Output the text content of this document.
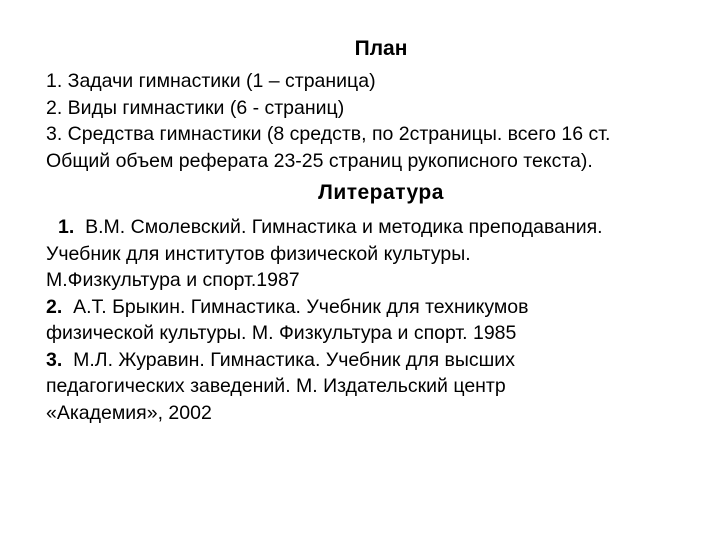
План

1. Задачи гимнастики (1 – страница)

2. Виды гимнастики (6 - страниц)

3. Средства гимнастики (8 средств, по 2страницы. всего 16 ст.

Общий объем реферата 23-25 страниц рукописного текста).

Литература

1. В.М. Смолевский. Гимнастика и методика преподавания.

Учебник для институтов физической культуры.

М.Физкультура и спорт.1987

2. А.Т. Брыкин. Гимнастика. Учебник для техникумов

физической культуры. М. Физкультура и спорт. 1985

3. М.Л. Журавин. Гимнастика. Учебник для высших

педагогических заведений. М. Издательский центр

«Академия», 2002
